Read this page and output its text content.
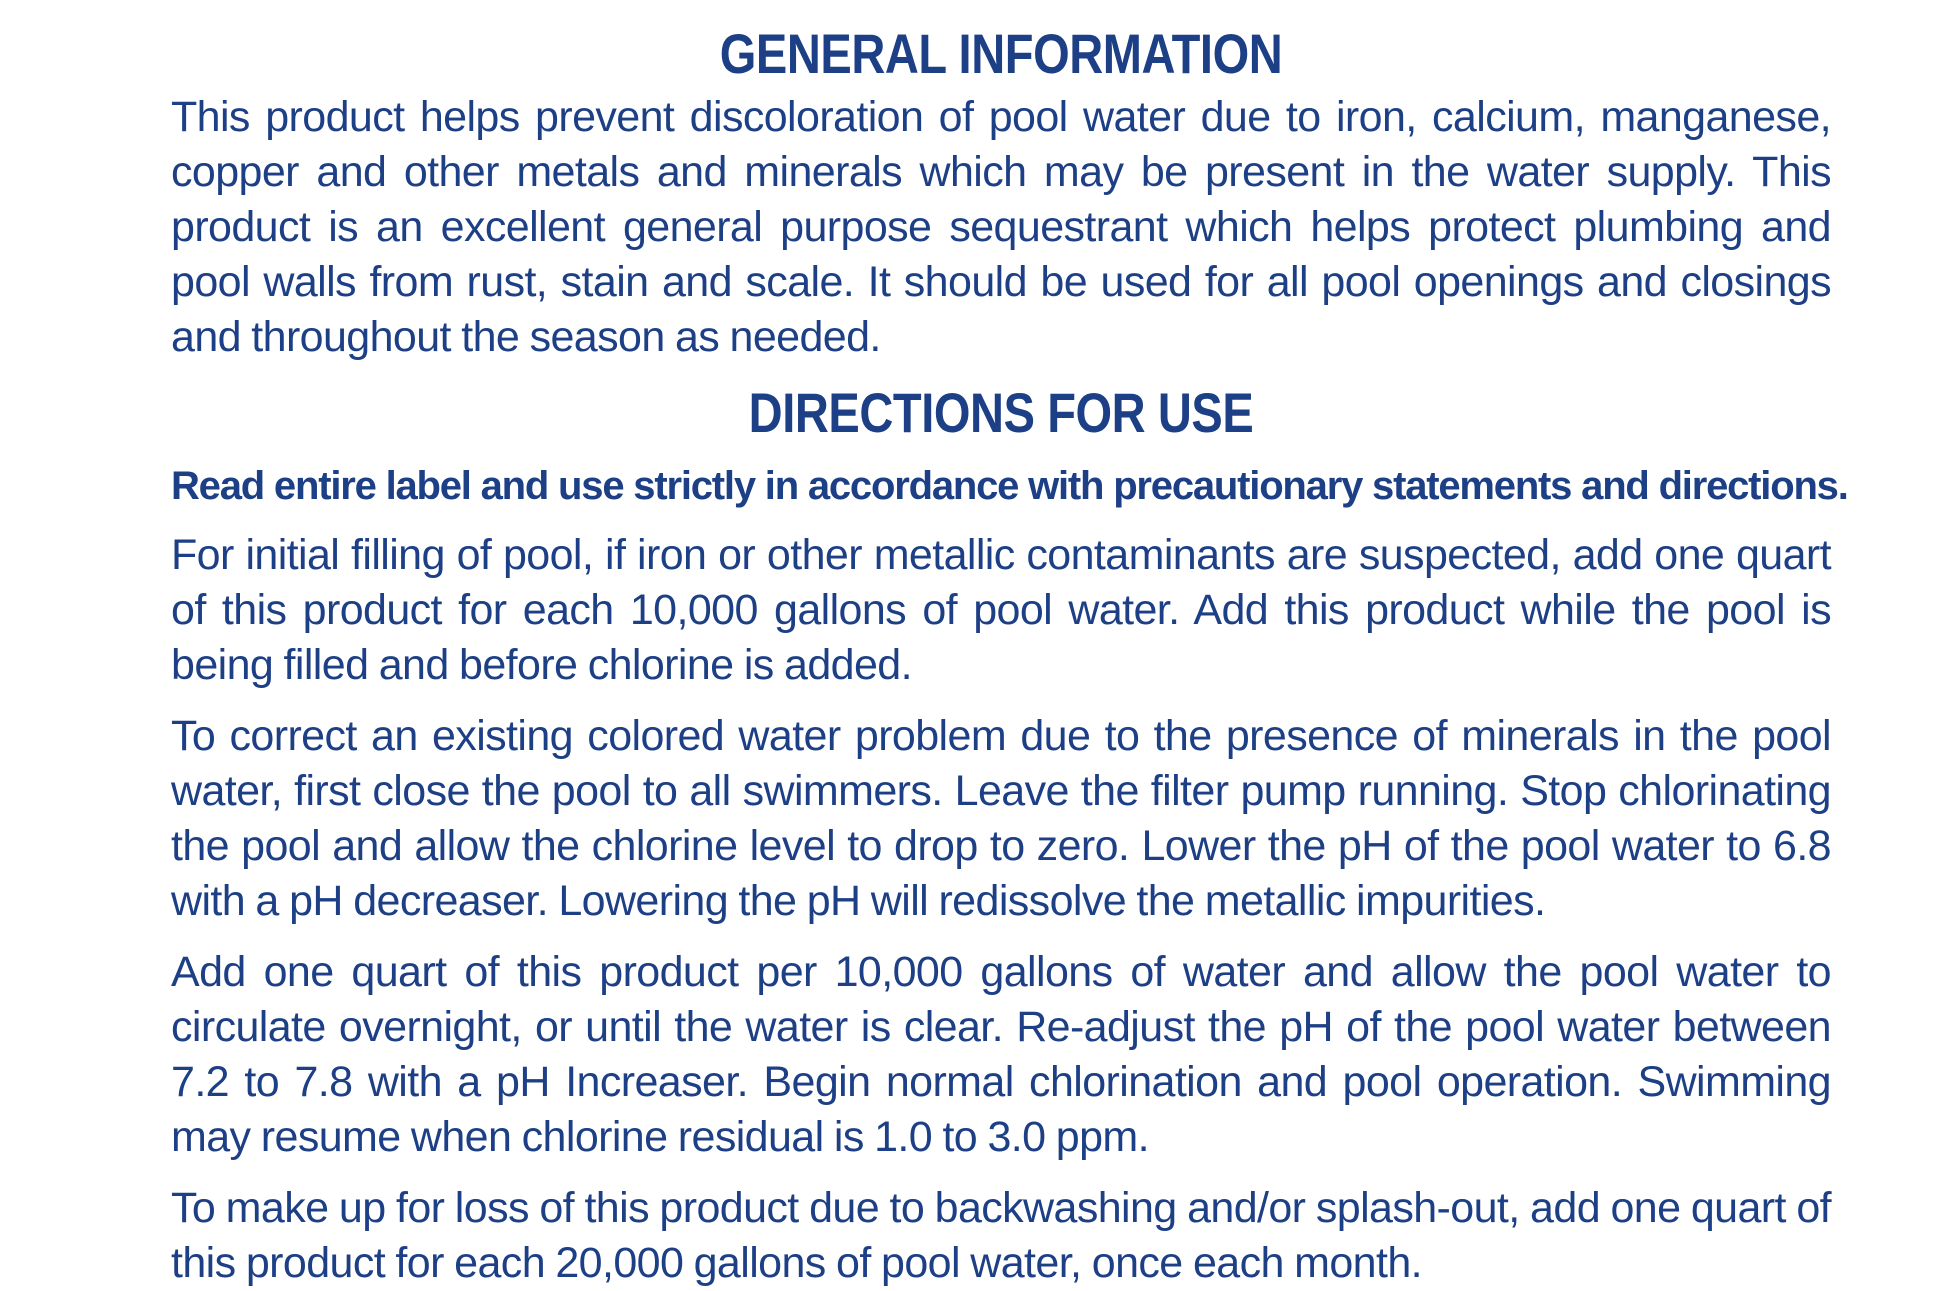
GENERAL INFORMATION

This product helps prevent discoloration of pool water due to iron, calcium, manganese, copper and other metals and minerals which may be present in the water supply. This product is an excellent general purpose sequestrant which helps protect plumbing and pool walls from rust, stain and scale. It should be used for all pool openings and closings and throughout the season as needed.

DIRECTIONS FOR USE

Read entire label and use strictly in accordance with precautionary statements and directions.

For initial filling of pool, if iron or other metallic contaminants are suspected, add one quart of this product for each 10,000 gallons of pool water. Add this product while the pool is being filled and before chlorine is added.

To correct an existing colored water problem due to the presence of minerals in the pool water, first close the pool to all swimmers. Leave the filter pump running. Stop chlorinating the pool and allow the chlorine level to drop to zero. Lower the pH of the pool water to 6.8 with a pH decreaser. Lowering the pH will redissolve the metallic impurities.

Add one quart of this product per 10,000 gallons of water and allow the pool water to circulate overnight, or until the water is clear. Re-adjust the pH of the pool water between 7.2 to 7.8 with a pH Increaser. Begin normal chlorination and pool operation. Swimming may resume when chlorine residual is 1.0 to 3.0 ppm.

To make up for loss of this product due to backwashing and/or splash-out, add one quart of this product for each 20,000 gallons of pool water, once each month.
